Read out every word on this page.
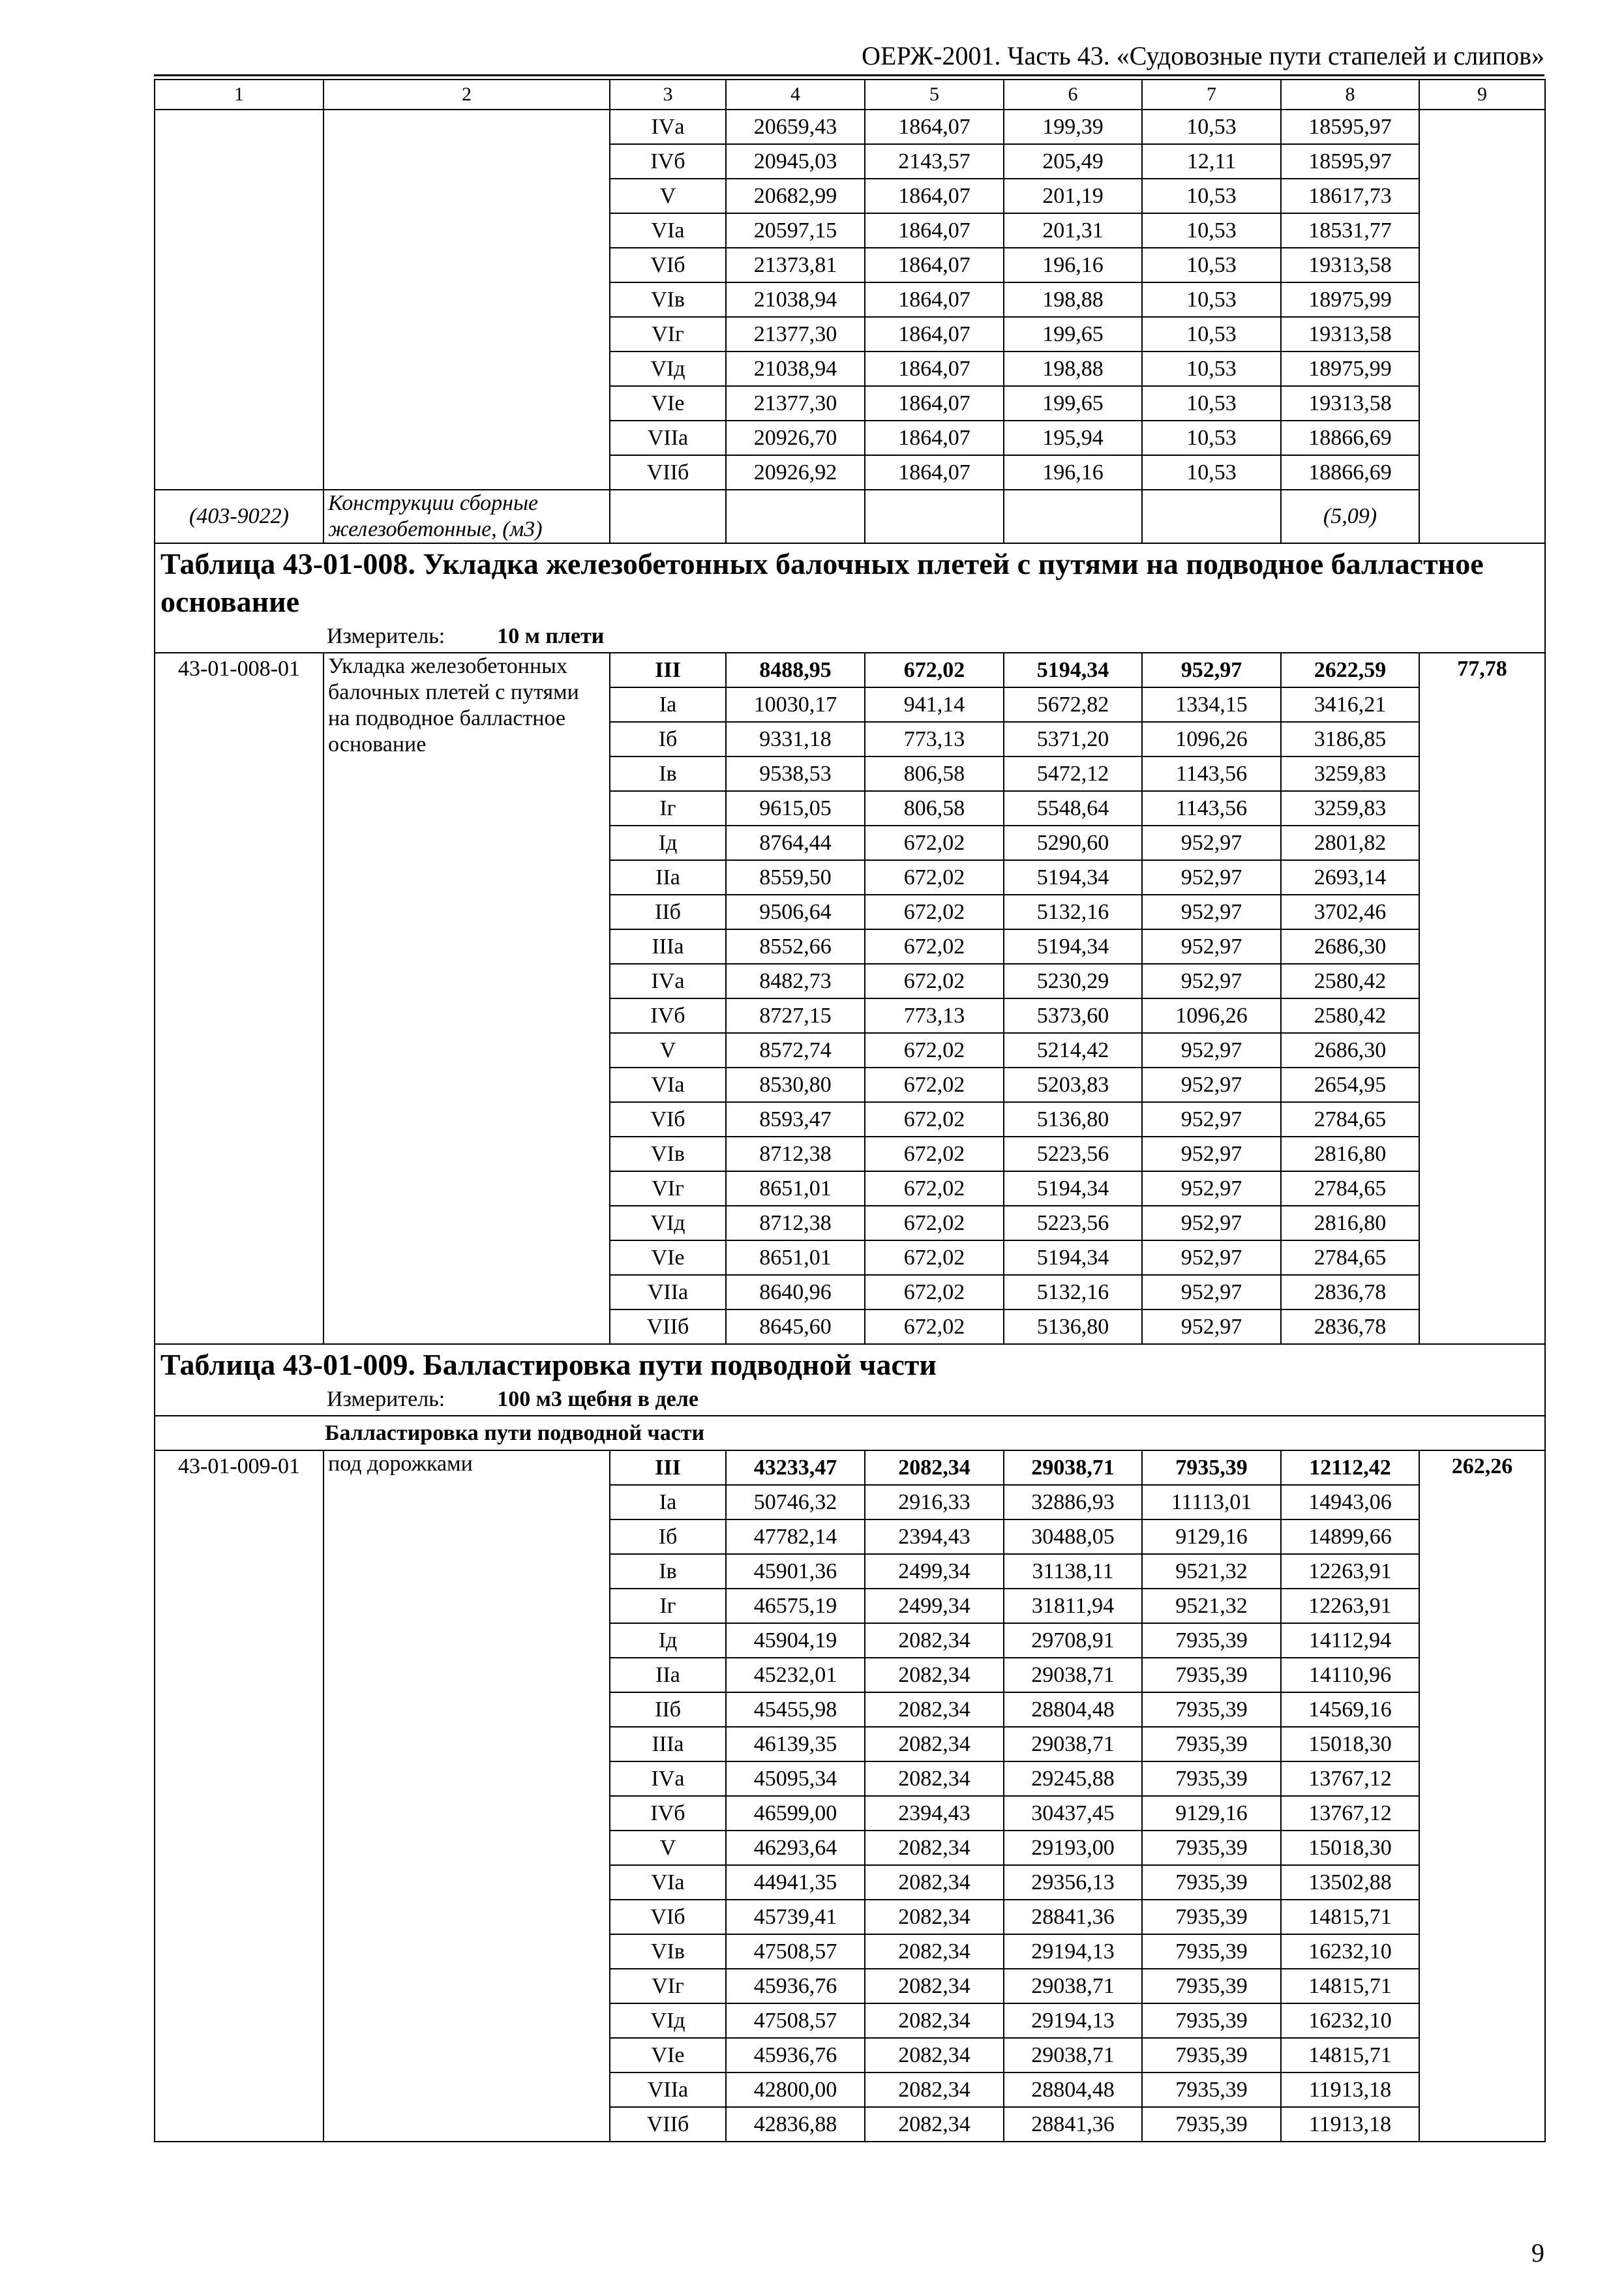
ОЕРЖ-2001. Часть 43. «Судовозные пути стапелей и слипов»
1	2	3	4	5	6	7	8	9
		IVа	20659,43	1864,07	199,39	10,53	18595,97	
		IVб	20945,03	2143,57	205,49	12,11	18595,97	
		V	20682,99	1864,07	201,19	10,53	18617,73	
		VIа	20597,15	1864,07	201,31	10,53	18531,77	
		VIб	21373,81	1864,07	196,16	10,53	19313,58	
		VIв	21038,94	1864,07	198,88	10,53	18975,99	
		VIг	21377,30	1864,07	199,65	10,53	19313,58	
		VIд	21038,94	1864,07	198,88	10,53	18975,99	
		VIе	21377,30	1864,07	199,65	10,53	19313,58	
		VIIа	20926,70	1864,07	195,94	10,53	18866,69	
		VIIб	20926,92	1864,07	196,16	10,53	18866,69	
(403-9022)	Конструкции сборные железобетонные, (м3)						(5,09)	

Таблица 43-01-008. Укладка железобетонных балочных плетей с путями на подводное балластное основание
Измеритель: 10 м плети								

43-01-008-01	Укладка железобетонных балочных плетей с путями на подводное балластное основание	III	8488,95	672,02	5194,34	952,97	2622,59	77,78
		Iа	10030,17	941,14	5672,82	1334,15	3416,21	
		Iб	9331,18	773,13	5371,20	1096,26	3186,85	
		Iв	9538,53	806,58	5472,12	1143,56	3259,83	
		Iг	9615,05	806,58	5548,64	1143,56	3259,83	
		Iд	8764,44	672,02	5290,60	952,97	2801,82	
		IIа	8559,50	672,02	5194,34	952,97	2693,14	
		IIб	9506,64	672,02	5132,16	952,97	3702,46	
		IIIа	8552,66	672,02	5194,34	952,97	2686,30	
		IVа	8482,73	672,02	5230,29	952,97	2580,42	
		IVб	8727,15	773,13	5373,60	1096,26	2580,42	
		V	8572,74	672,02	5214,42	952,97	2686,30	
		VIа	8530,80	672,02	5203,83	952,97	2654,95	
		VIб	8593,47	672,02	5136,80	952,97	2784,65	
		VIв	8712,38	672,02	5223,56	952,97	2816,80	
		VIг	8651,01	672,02	5194,34	952,97	2784,65	
		VIд	8712,38	672,02	5223,56	952,97	2816,80	
		VIе	8651,01	672,02	5194,34	952,97	2784,65	
		VIIа	8640,96	672,02	5132,16	952,97	2836,78	
		VIIб	8645,60	672,02	5136,80	952,97	2836,78	

Таблица 43-01-009. Балластировка пути подводной части
Измеритель: 100 м3 щебня в деле								

Балластировка пути подводной части								
43-01-009-01	под дорожками	III	43233,47	2082,34	29038,71	7935,39	12112,42	262,26
		Iа	50746,32	2916,33	32886,93	11113,01	14943,06	
		Iб	47782,14	2394,43	30488,05	9129,16	14899,66	
		Iв	45901,36	2499,34	31138,11	9521,32	12263,91	
		Iг	46575,19	2499,34	31811,94	9521,32	12263,91	
		Iд	45904,19	2082,34	29708,91	7935,39	14112,94	
		IIа	45232,01	2082,34	29038,71	7935,39	14110,96	
		IIб	45455,98	2082,34	28804,48	7935,39	14569,16	
		IIIа	46139,35	2082,34	29038,71	7935,39	15018,30	
		IVа	45095,34	2082,34	29245,88	7935,39	13767,12	
		IVб	46599,00	2394,43	30437,45	9129,16	13767,12	
		V	46293,64	2082,34	29193,00	7935,39	15018,30	
		VIа	44941,35	2082,34	29356,13	7935,39	13502,88	
		VIб	45739,41	2082,34	28841,36	7935,39	14815,71	
		VIв	47508,57	2082,34	29194,13	7935,39	16232,10	
		VIг	45936,76	2082,34	29038,71	7935,39	14815,71	
		VIд	47508,57	2082,34	29194,13	7935,39	16232,10	
		VIе	45936,76	2082,34	29038,71	7935,39	14815,71	
		VIIа	42800,00	2082,34	28804,48	7935,39	11913,18	
		VIIб	42836,88	2082,34	28841,36	7935,39	11913,18	
9
